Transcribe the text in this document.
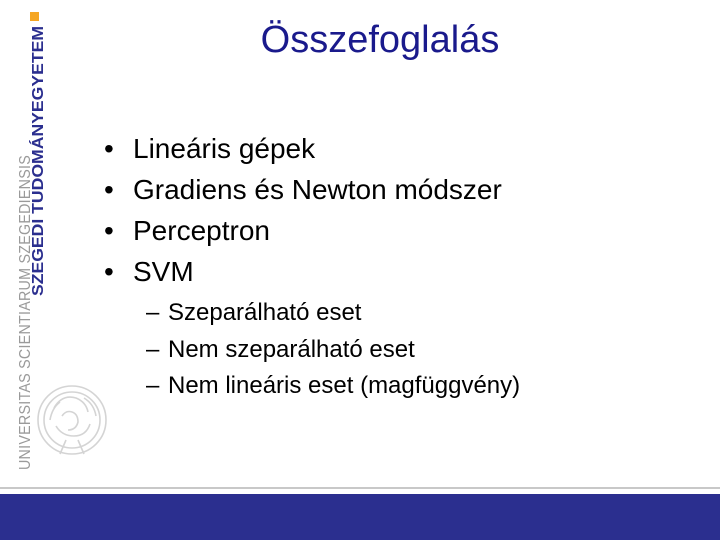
UNIVERSITAS SCIENTIARUM SZEGEDIENSIS
SZEGEDI TUDOMÁNYEGYETEM
Összefoglalás
• Lineáris gépek
• Gradiens és Newton módszer
• Perceptron
• SVM
– Szeparálható eset
– Nem szeparálható eset
– Nem lineáris eset (magfüggvény)
